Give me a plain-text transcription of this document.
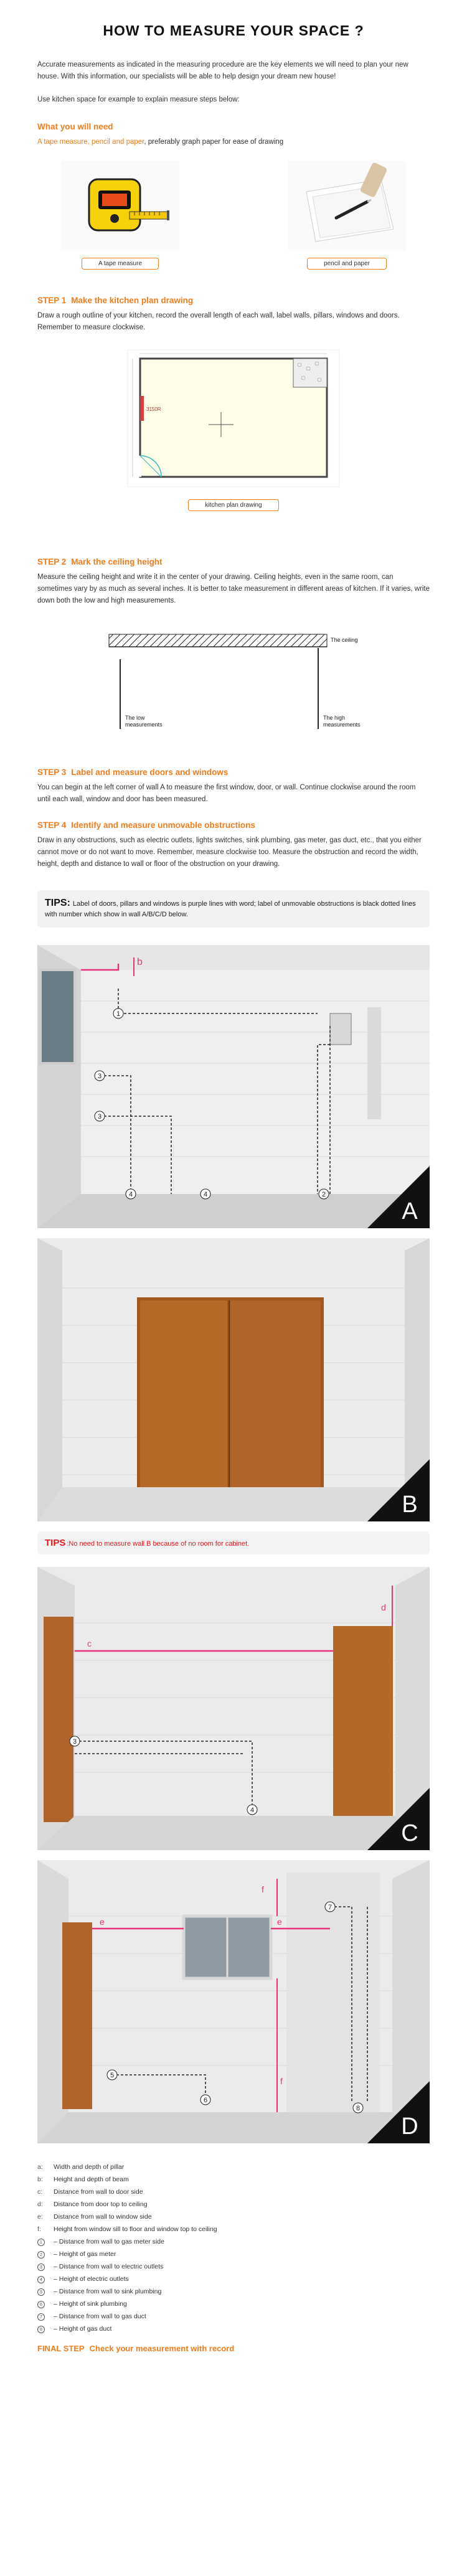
HOW TO MEASURE YOUR SPACE ?

Accurate measurements as indicated in the measuring procedure are the key elements we will need to plan your new house. With this information, our specialists will be able to help design your dream new house!

Use kitchen space for example to explain measure steps below:

What you will need
A tape measure, pencil and paper, preferably graph paper for ease of drawing
A tape measure	pencil and paper
STEP 1 Make the kitchen plan drawing
Draw a rough outline of your kitchen, record the overall length of each wall, label walls, pillars, windows and doors. Remember to measure clockwise.
3150R
kitchen plan drawing
STEP 2 Mark the ceiling height
Measure the ceiling height and write it in the center of your drawing. Ceiling heights, even in the same room, can sometimes vary by as much as several inches. It is better to take measurement in different areas of kitchen. If it varies, write down both the low and high measurements.
The ceiling
The low
measurements
The high
measurements
STEP 3 Label and measure doors and windows
You can begin at the left corner of wall A to measure the first window, door, or wall. Continue clockwise around the room until each wall, window and door has been measured.
STEP 4 Identify and measure unmovable obstructions
Draw in any obstructions, such as electric outlets, lights switches, sink plumbing, gas meter, gas duct, etc., that you either cannot move or do not want to move. Remember, measure clockwise too. Measure the obstruction and record the width, height, depth and distance to wall or floor of the obstruction on your drawing.
TIPS: Label of doors, pillars and windows is purple lines with word; label of unmovable obstructions is black dotted lines with number which show in wall A/B/C/D below.
b
1
3
3
4	4	2
A
B
TIPS :No need to measure wall B because of no room for cabinet.
c
d
3
4
C
e	e
f
f
7
5
6
8
D
a:	Width and depth of pillar
b:	Height and depth of beam
c:	Distance from wall to door side
d:	Distance from door top to ceiling
e:	Distance from wall to window side
f:	Height from window sill to floor and window top to ceiling
1	– Distance from wall to gas meter side
2	– Height of gas meter
3	– Distance from wall to electric outlets
4	– Height of electric outlets
5	– Distance from wall to sink plumbing
6	– Height of sink plumbing
7	– Distance from wall to gas duct
8	– Height of gas duct
FINAL STEP Check your measurement with record
